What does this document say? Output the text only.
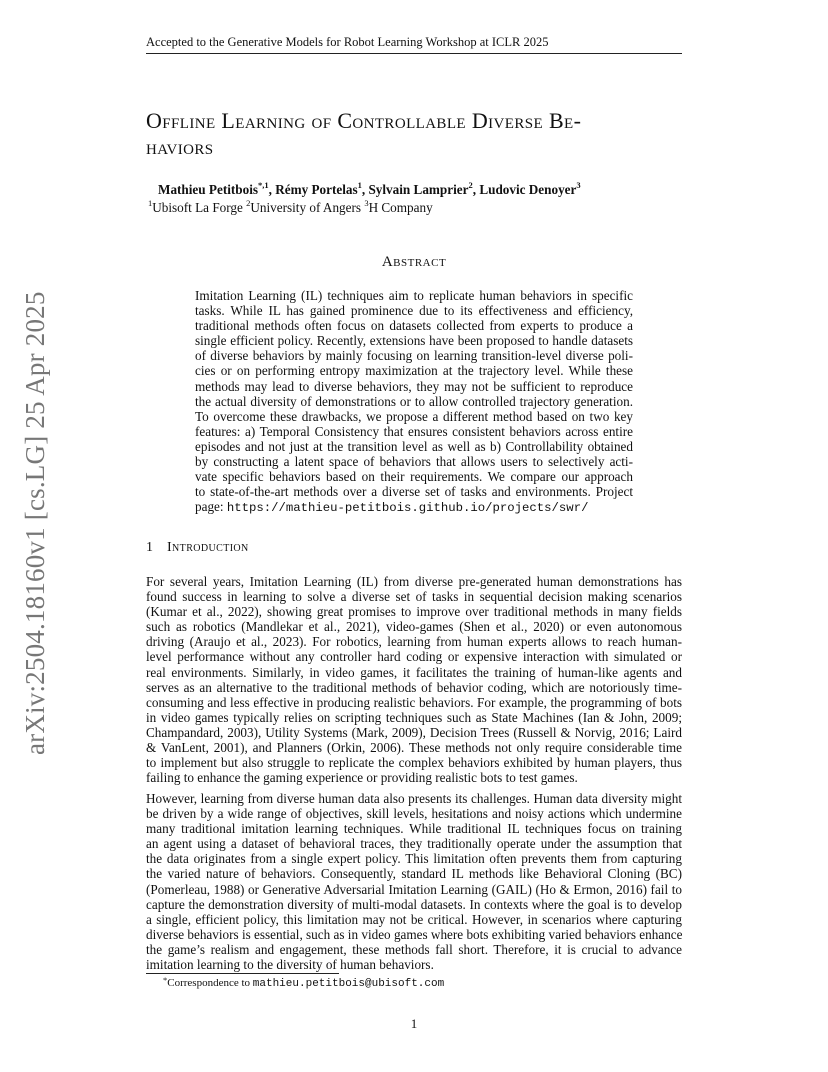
Accepted to the Generative Models for Robot Learning Workshop at ICLR 2025
arXiv:2504.18160v1 [cs.LG] 25 Apr 2025
Offline Learning of Controllable Diverse Be-
haviors
Mathieu Petitbois$^{*,1}$, Rémy Portelas$^1$, Sylvain Lamprier$^2$, Ludovic Denoyer$^3$
$^1$Ubisoft La Forge $^2$University of Angers $^3$H Company
Abstract
Imitation Learning (IL) techniques aim to replicate human behaviors in specific
tasks. While IL has gained prominence due to its effectiveness and efficiency,
traditional methods often focus on datasets collected from experts to produce a
single efficient policy. Recently, extensions have been proposed to handle datasets
of diverse behaviors by mainly focusing on learning transition-level diverse poli-
cies or on performing entropy maximization at the trajectory level. While these
methods may lead to diverse behaviors, they may not be sufficient to reproduce
the actual diversity of demonstrations or to allow controlled trajectory generation.
To overcome these drawbacks, we propose a different method based on two key
features: a) Temporal Consistency that ensures consistent behaviors across entire
episodes and not just at the transition level as well as b) Controllability obtained
by constructing a latent space of behaviors that allows users to selectively acti-
vate specific behaviors based on their requirements. We compare our approach
to state-of-the-art methods over a diverse set of tasks and environments. Project
page: https://mathieu-petitbois.github.io/projects/swr/
1 Introduction
For several years, Imitation Learning (IL) from diverse pre-generated human demonstrations has
found success in learning to solve a diverse set of tasks in sequential decision making scenarios
(Kumar et al., 2022), showing great promises to improve over traditional methods in many fields
such as robotics (Mandlekar et al., 2021), video-games (Shen et al., 2020) or even autonomous
driving (Araujo et al., 2023). For robotics, learning from human experts allows to reach human-
level performance without any controller hard coding or expensive interaction with simulated or
real environments. Similarly, in video games, it facilitates the training of human-like agents and
serves as an alternative to the traditional methods of behavior coding, which are notoriously time-
consuming and less effective in producing realistic behaviors. For example, the programming of bots
in video games typically relies on scripting techniques such as State Machines (Ian & John, 2009;
Champandard, 2003), Utility Systems (Mark, 2009), Decision Trees (Russell & Norvig, 2016; Laird
& VanLent, 2001), and Planners (Orkin, 2006). These methods not only require considerable time
to implement but also struggle to replicate the complex behaviors exhibited by human players, thus
failing to enhance the gaming experience or providing realistic bots to test games.
However, learning from diverse human data also presents its challenges. Human data diversity might
be driven by a wide range of objectives, skill levels, hesitations and noisy actions which undermine
many traditional imitation learning techniques. While traditional IL techniques focus on training
an agent using a dataset of behavioral traces, they traditionally operate under the assumption that
the data originates from a single expert policy. This limitation often prevents them from capturing
the varied nature of behaviors. Consequently, standard IL methods like Behavioral Cloning (BC)
(Pomerleau, 1988) or Generative Adversarial Imitation Learning (GAIL) (Ho & Ermon, 2016) fail to
capture the demonstration diversity of multi-modal datasets. In contexts where the goal is to develop
a single, efficient policy, this limitation may not be critical. However, in scenarios where capturing
diverse behaviors is essential, such as in video games where bots exhibiting varied behaviors enhance
the game’s realism and engagement, these methods fall short. Therefore, it is crucial to advance
imitation learning to the diversity of human behaviors.
*Correspondence to mathieu.petitbois@ubisoft.com
1
